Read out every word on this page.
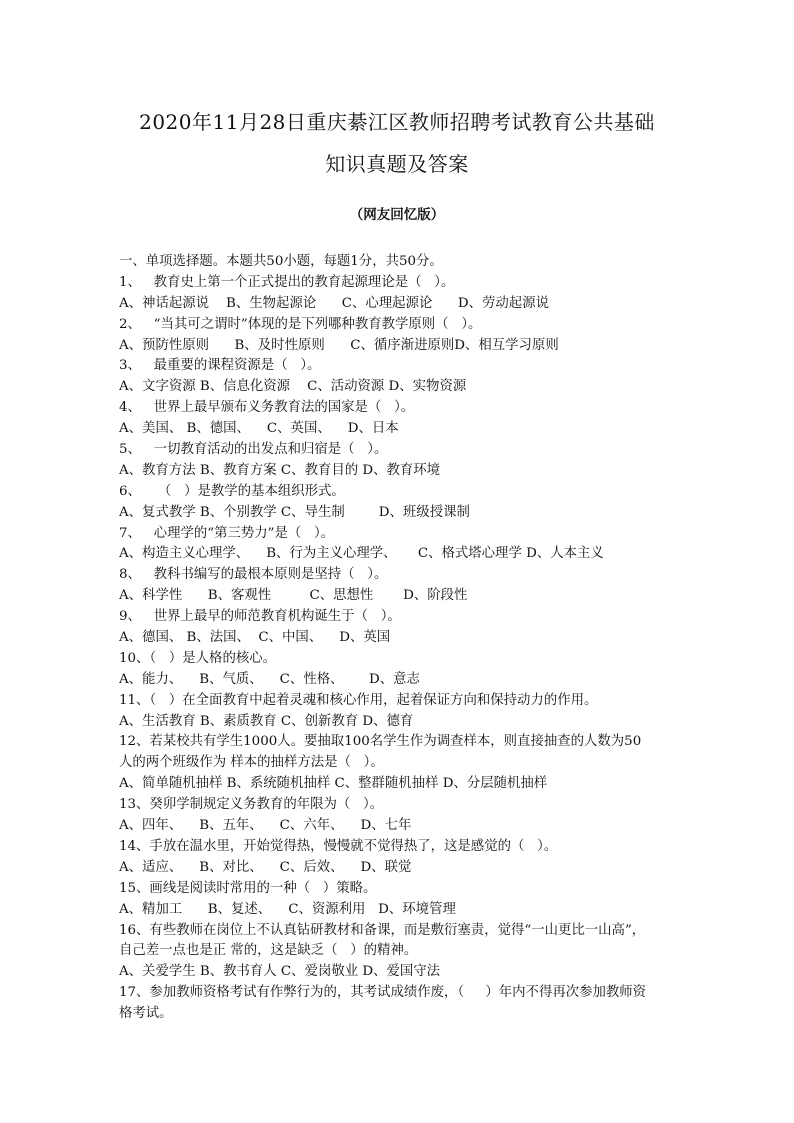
2020年11月28日重庆綦江区教师招聘考试教育公共基础
知识真题及答案
（网友回忆版）
一、单项选择题。本题共50小题，每题1分，共50分。
1、   教育史上第一个正式提出的教育起源理论是（   ）。
A、神话起源说    B、生物起源论      C、心理起源论      D、劳动起源说
2、   “当其可之谓时”体现的是下列哪种教育教学原则（   ）。
A、预防性原则      B、及时性原则      C、循序渐进原则D、相互学习原则
3、   最重要的课程资源是（   ）。
A、文字资源 B、信息化资源    C、活动资源 D、实物资源
4、   世界上最早颁布义务教育法的国家是（   ）。
A、美国、 B、德国、    C、英国、    D、日本
5、   一切教育活动的出发点和归宿是（   ）。
A、教育方法 B、教育方案 C、教育目的 D、教育环境
6、    （   ）是教学的基本组织形式。
A、复式教学 B、个别教学 C、导生制        D、班级授课制
7、   心理学的“第三势力”是（   ）。
A、构造主义心理学、    B、行为主义心理学、     C、格式塔心理学 D、人本主义
8、   教科书编写的最根本原则是坚持（   ）。
A、科学性      B、客观性         C、思想性       D、阶段性
9、   世界上最早的师范教育机构诞生于（   ）。
A、德国、 B、法国、  C、中国、    D、英国
10、（   ）是人格的核心。
A、能力、    B、气质、    C、性格、      D、意志
11、（   ）在全面教育中起着灵魂和核心作用，起着保证方向和保持动力的作用。
A、生活教育 B、素质教育 C、创新教育 D、德育
12、若某校共有学生1000人。要抽取100名学生作为调查样本，则直接抽查的人数为50
人的两个班级作为 样本的抽样方法是（   ）。
A、简单随机抽样 B、系统随机抽样 C、整群随机抽样 D、分层随机抽样
13、癸卯学制规定义务教育的年限为（   ）。
A、四年、    B、五年、    C、六年、    D、七年
14、手放在温水里，开始觉得热，慢慢就不觉得热了，这是感觉的（   ）。
A、适应、    B、对比、    C、后效、    D、联觉
15、画线是阅读时常用的一种（   ）策略。
A、精加工      B、复述、    C、资源利用   D、环境管理
16、有些教师在岗位上不认真钻研教材和备课，而是敷衍塞责，觉得“一山更比一山高”，
自己差一点也是正 常的，这是缺乏（   ）的精神。
A、关爱学生 B、教书育人 C、爱岗敬业 D、爱国守法
17、参加教师资格考试有作弊行为的，其考试成绩作废，（     ）年内不得再次参加教师资
格考试。
